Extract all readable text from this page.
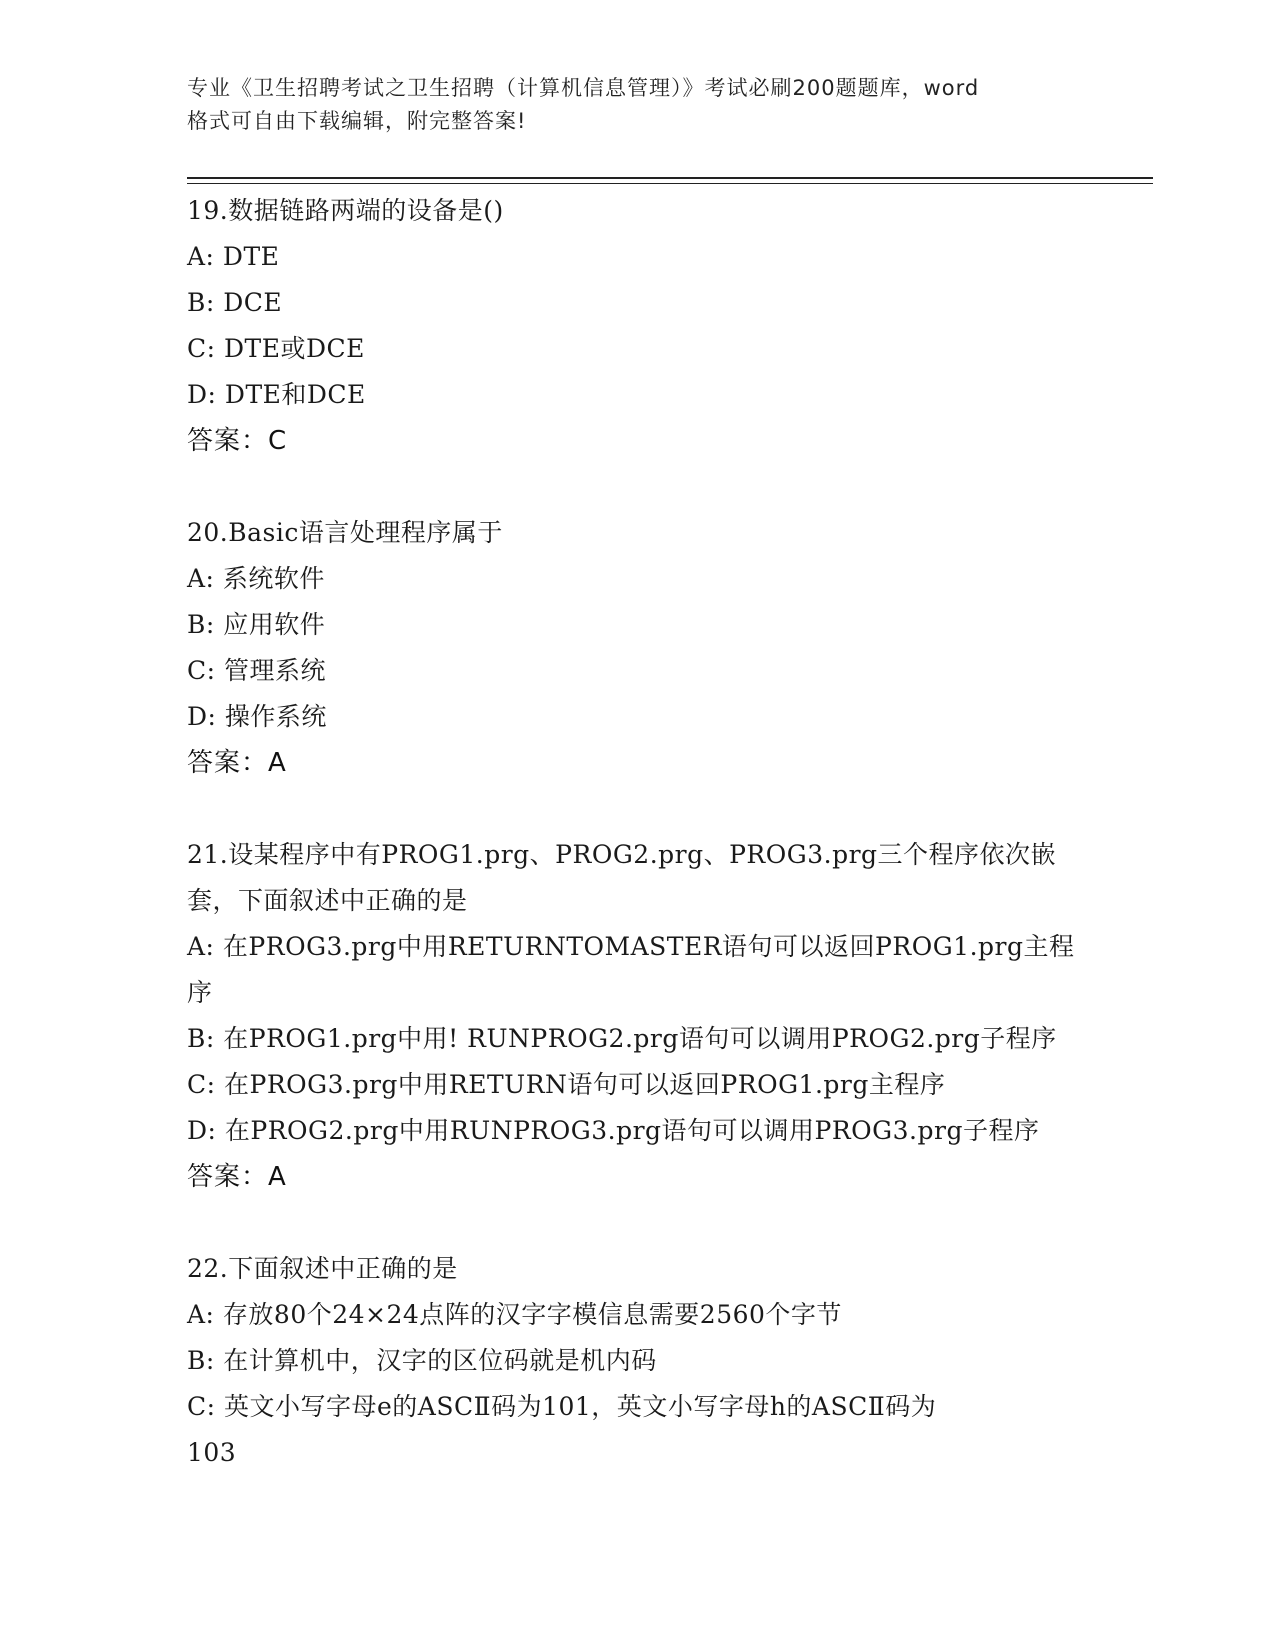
专业《卫生招聘考试之卫生招聘（计算机信息管理）》考试必刷200题题库，word
格式可自由下载编辑，附完整答案!
19.数据链路两端的设备是()
A: DTE
B: DCE
C: DTE或DCE
D: DTE和DCE
答案：C
20.Basic语言处理程序属于
A: 系统软件
B: 应用软件
C: 管理系统
D: 操作系统
答案：A
21.设某程序中有PROG1.prg、PROG2.prg、PROG3.prg三个程序依次嵌
套，下面叙述中正确的是
A: 在PROG3.prg中用RETURNTOMASTER语句可以返回PROG1.prg主程
序
B: 在PROG1.prg中用! RUNPROG2.prg语句可以调用PROG2.prg子程序
C: 在PROG3.prg中用RETURN语句可以返回PROG1.prg主程序
D: 在PROG2.prg中用RUNPROG3.prg语句可以调用PROG3.prg子程序
答案：A
22.下面叙述中正确的是
A: 存放80个24×24点阵的汉字字模信息需要2560个字节
B: 在计算机中，汉字的区位码就是机内码
C: 英文小写字母e的ASCⅡ码为101，英文小写字母h的ASCⅡ码为
103
